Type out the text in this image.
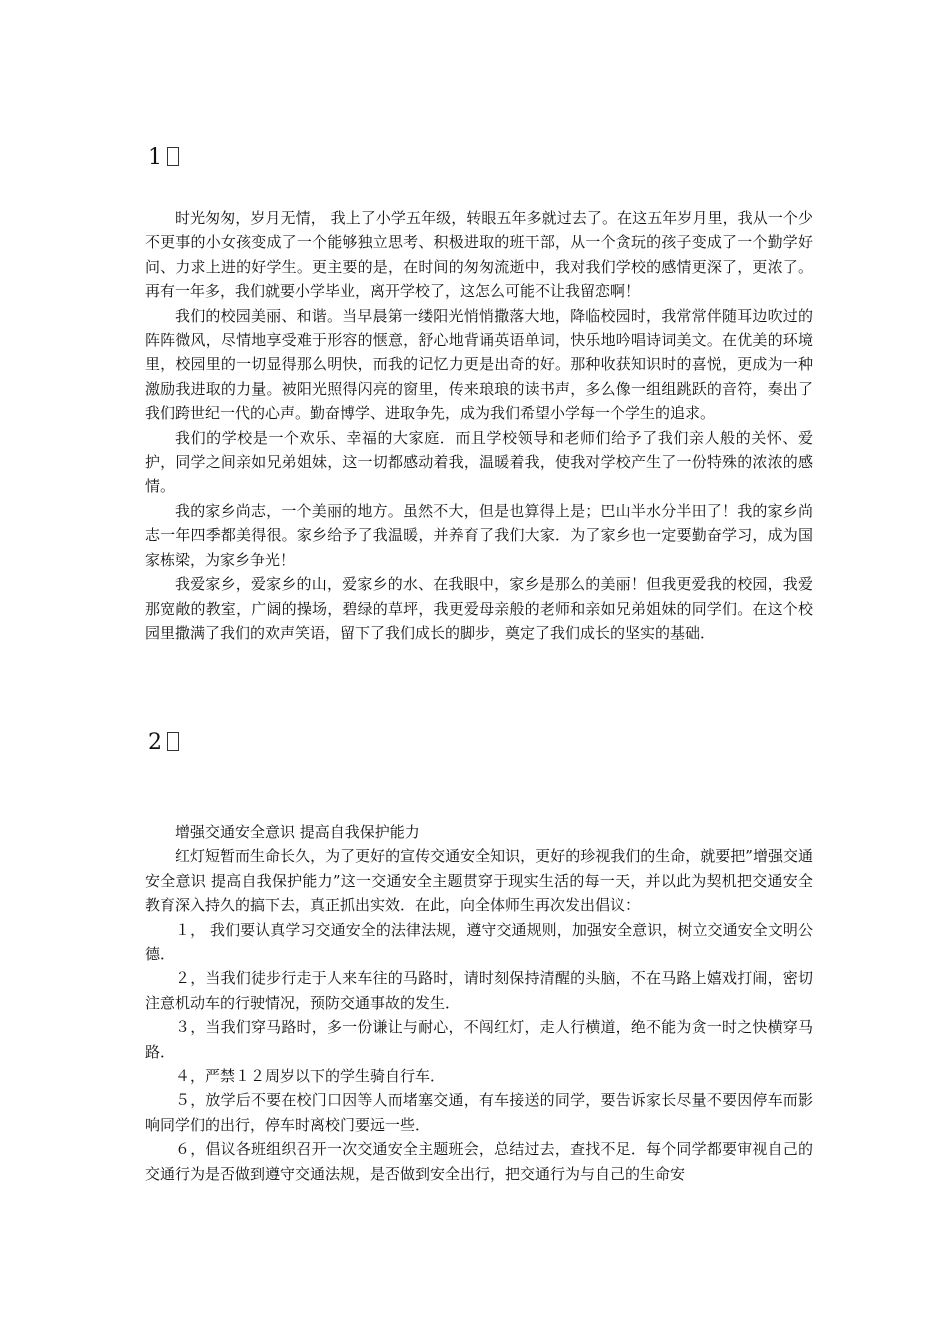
1

时光匆匆，岁月无情， 我上了小学五年级，转眼五年多就过去了。在这五年岁月里，我从一个少不更事的小女孩变成了一个能够独立思考、积极进取的班干部，从一个贪玩的孩子变成了一个勤学好问、力求上进的好学生。更主要的是，在时间的匆匆流逝中，我对我们学校的感情更深了，更浓了。再有一年多，我们就要小学毕业，离开学校了，这怎么可能不让我留恋啊！

我们的校园美丽、和谐。当早晨第一缕阳光悄悄撒落大地，降临校园时，我常常伴随耳边吹过的阵阵微风，尽情地享受难于形容的惬意，舒心地背诵英语单词，快乐地吟唱诗词美文。在优美的环境里，校园里的一切显得那么明快，而我的记忆力更是出奇的好。那种收获知识时的喜悦，更成为一种激励我进取的力量。被阳光照得闪亮的窗里，传来琅琅的读书声，多么像一组组跳跃的音符，奏出了我们跨世纪一代的心声。勤奋博学、进取争先，成为我们希望小学每一个学生的追求。

我们的学校是一个欢乐、幸福的大家庭．而且学校领导和老师们给予了我们亲人般的关怀、爱护，同学之间亲如兄弟姐妹，这一切都感动着我，温暖着我，使我对学校产生了一份特殊的浓浓的感情。

我的家乡尚志，一个美丽的地方。虽然不大，但是也算得上是；巴山半水分半田了！我的家乡尚志一年四季都美得很。家乡给予了我温暖，并养育了我们大家．为了家乡也一定要勤奋学习，成为国家栋梁，为家乡争光！

我爱家乡，爱家乡的山，爱家乡的水、在我眼中，家乡是那么的美丽！但我更爱我的校园，我爱那宽敞的教室，广阔的操场，碧绿的草坪，我更爱母亲般的老师和亲如兄弟姐妹的同学们。在这个校园里撒满了我们的欢声笑语，留下了我们成长的脚步，奠定了我们成长的坚实的基础．

2
增强交通安全意识 提高自我保护能力

红灯短暂而生命长久，为了更好的宣传交通安全知识，更好的珍视我们的生命，就要把”增强交通安全意识 提高自我保护能力”这一交通安全主题贯穿于现实生活的每一天，并以此为契机把交通安全教育深入持久的搞下去，真正抓出实效．在此，向全体师生再次发出倡议：

１， 我们要认真学习交通安全的法律法规，遵守交通规则，加强安全意识，树立交通安全文明公德．

２，当我们徒步行走于人来车往的马路时，请时刻保持清醒的头脑，不在马路上嬉戏打闹，密切注意机动车的行驶情况，预防交通事故的发生．

３，当我们穿马路时，多一份谦让与耐心，不闯红灯，走人行横道，绝不能为贪一时之快横穿马路．

４，严禁１２周岁以下的学生骑自行车．

５，放学后不要在校门口因等人而堵塞交通，有车接送的同学，要告诉家长尽量不要因停车而影响同学们的出行，停车时离校门要远一些．

６，倡议各班组织召开一次交通安全主题班会，总结过去，查找不足．每个同学都要审视自己的交通行为是否做到遵守交通法规，是否做到安全出行，把交通行为与自己的生命安
